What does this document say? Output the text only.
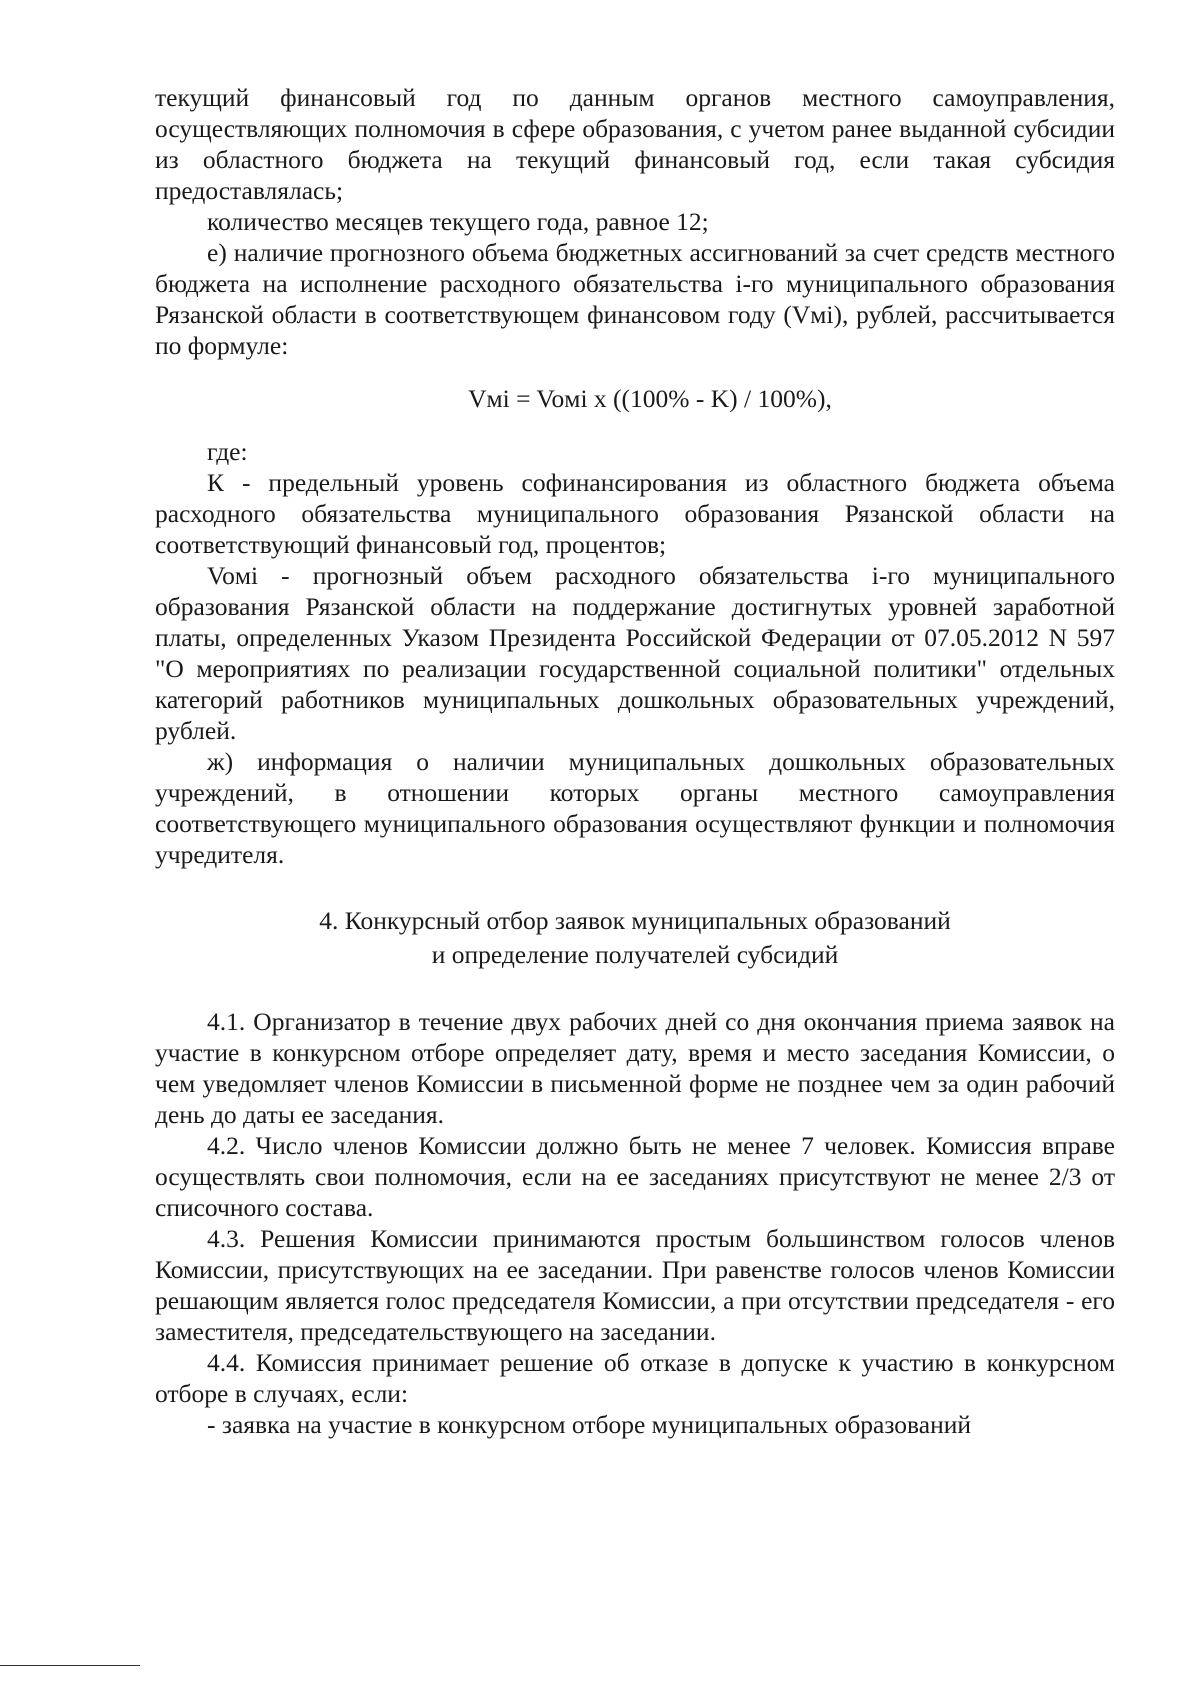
текущий финансовый год по данным органов местного самоуправления, осуществляющих полномочия в сфере образования, с учетом ранее выданной субсидии из областного бюджета на текущий финансовый год, если такая субсидия предоставлялась;

количество месяцев текущего года, равное 12;

е) наличие прогнозного объема бюджетных ассигнований за счет средств местного бюджета на исполнение расходного обязательства i-го муниципального образования Рязанской области в соответствующем финансовом году (Vмi), рублей, рассчитывается по формуле:

Vмi = Voмi x ((100% - K) / 100%),

где:

К - предельный уровень софинансирования из областного бюджета объема расходного обязательства муниципального образования Рязанской области на соответствующий финансовый год, процентов;

Voмi - прогнозный объем расходного обязательства i-го муниципального образования Рязанской области на поддержание достигнутых уровней заработной платы, определенных Указом Президента Российской Федерации от 07.05.2012 N 597 "О мероприятиях по реализации государственной социальной политики" отдельных категорий работников муниципальных дошкольных образовательных учреждений, рублей.

ж) информация о наличии муниципальных дошкольных образовательных учреждений, в отношении которых органы местного самоуправления соответствующего муниципального образования осуществляют функции и полномочия учредителя.

4. Конкурсный отбор заявок муниципальных образований
и определение получателей субсидий

4.1. Организатор в течение двух рабочих дней со дня окончания приема заявок на участие в конкурсном отборе определяет дату, время и место заседания Комиссии, о чем уведомляет членов Комиссии в письменной форме не позднее чем за один рабочий день до даты ее заседания.

4.2. Число членов Комиссии должно быть не менее 7 человек. Комиссия вправе осуществлять свои полномочия, если на ее заседаниях присутствуют не менее 2/3 от списочного состава.

4.3. Решения Комиссии принимаются простым большинством голосов членов Комиссии, присутствующих на ее заседании. При равенстве голосов членов Комиссии решающим является голос председателя Комиссии, а при отсутствии председателя - его заместителя, председательствующего на заседании.

4.4. Комиссия принимает решение об отказе в допуске к участию в конкурсном отборе в случаях, если:

- заявка на участие в конкурсном отборе муниципальных образований
